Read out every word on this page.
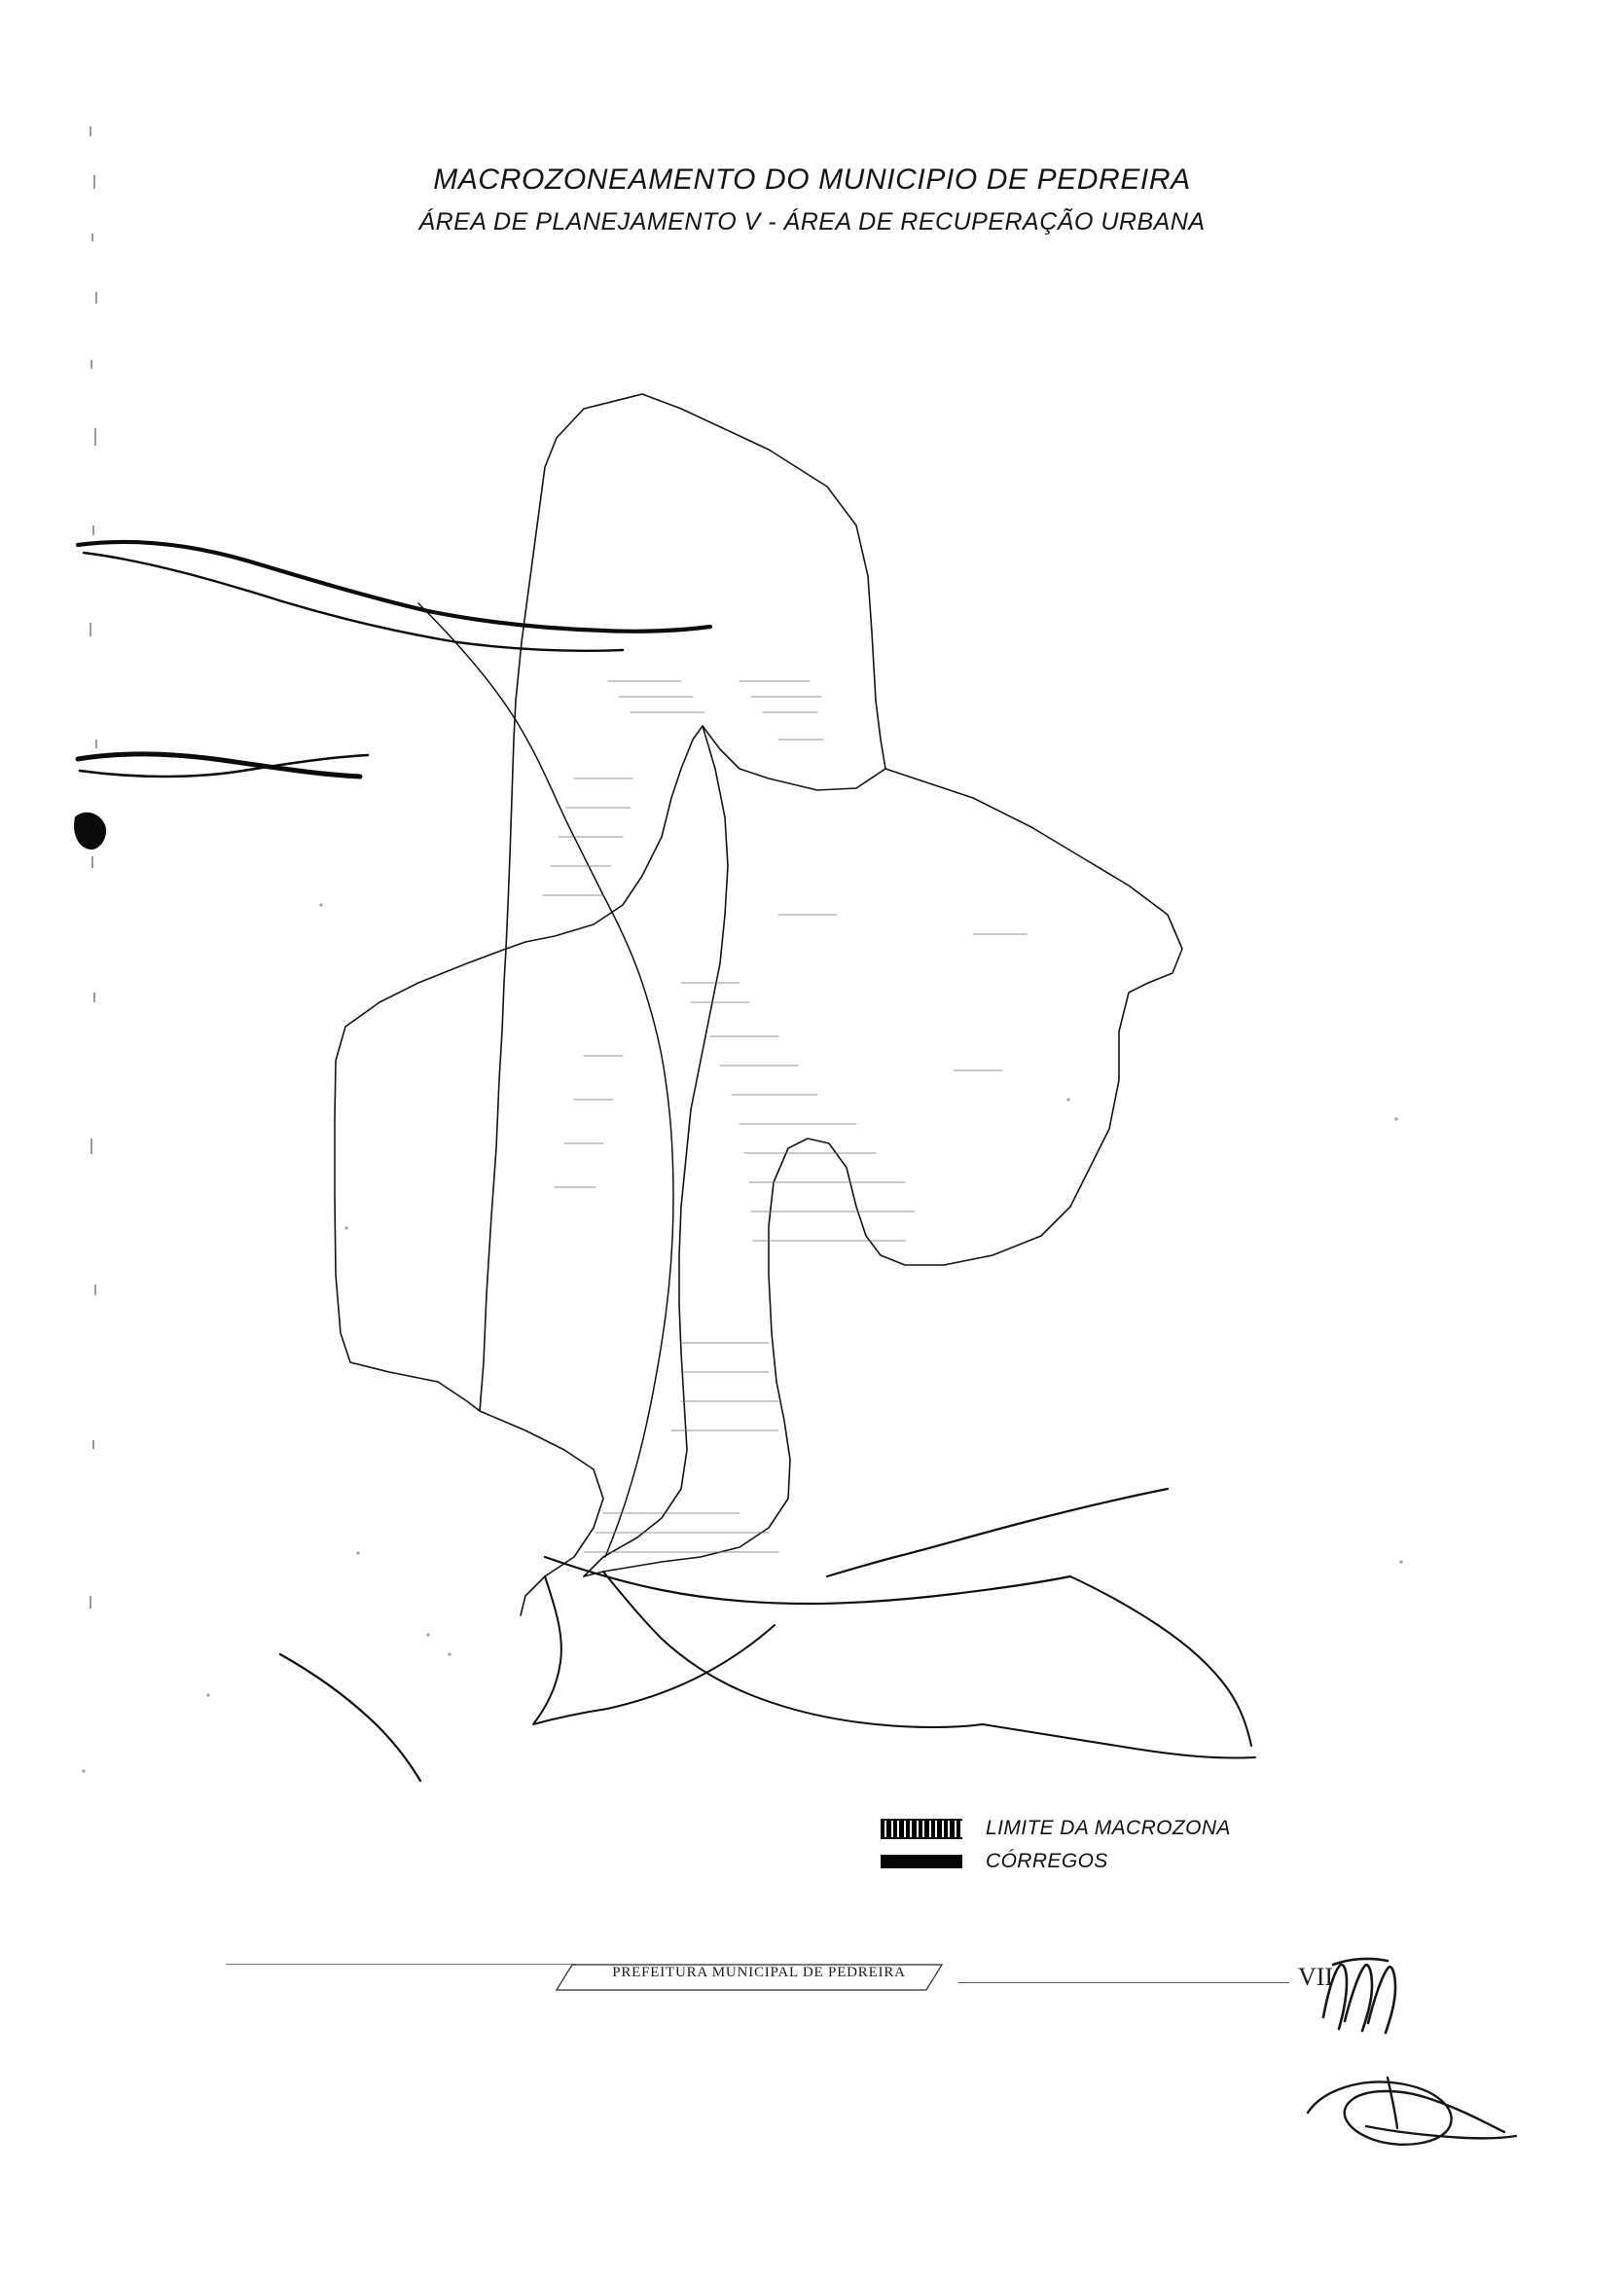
MACROZONEAMENTO DO MUNICIPIO DE PEDREIRA
ÁREA DE PLANEJAMENTO V - ÁREA DE RECUPERAÇÃO URBANA
LIMITE DA MACROZONA
CÓRREGOS
PREFEITURA MUNICIPAL DE PEDREIRA	VII
